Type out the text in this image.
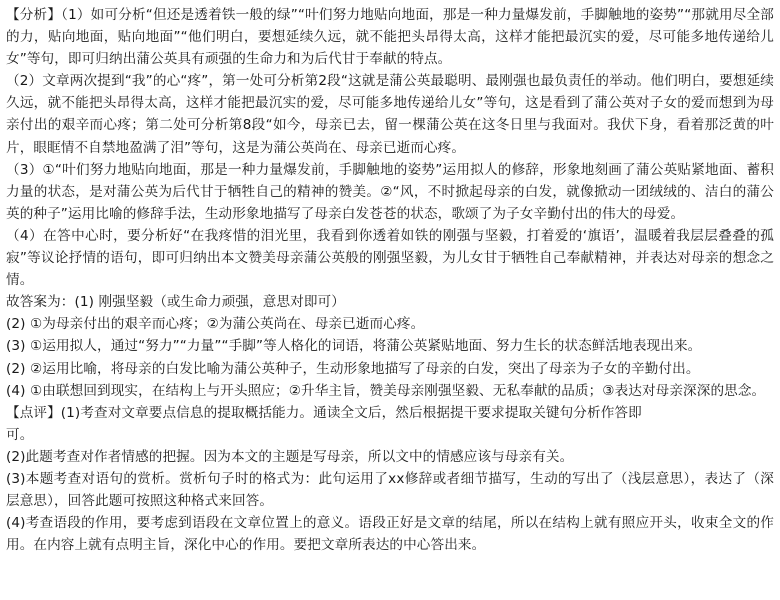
【分析】（1）如可分析“但还是透着铁一般的绿”“叶们努力地贴向地面，那是一种力量爆发前，手脚触地的姿势”“那就用尽全部的力，贴向地面，贴向地面”“他们明白，要想延续久远，就不能把头昂得太高，这样才能把最沉实的爱，尽可能多地传递给儿女”等句，即可归纳出蒲公英具有顽强的生命力和为后代甘于奉献的特点。

（2）文章两次提到“我”的心“疼”，第一处可分析第2段“这就是蒲公英最聪明、最刚强也最负责任的举动。他们明白，要想延续久远，就不能把头昂得太高，这样才能把最沉实的爱，尽可能多地传递给儿女”等句，这是看到了蒲公英对子女的爱而想到为母亲付出的艰辛而心疼；第二处可分析第8段“如今，母亲已去，留一棵蒲公英在这冬日里与我面对。我伏下身，看着那泛黄的叶片，眼眶情不自禁地盈满了泪”等句，这是为蒲公英尚在、母亲已逝而心疼。

（3）①“叶们努力地贴向地面，那是一种力量爆发前，手脚触地的姿势”运用拟人的修辞，形象地刻画了蒲公英贴紧地面、蓄积力量的状态，是对蒲公英为后代甘于牺牲自己的精神的赞美。②“风，不时掀起母亲的白发，就像掀动一团绒绒的、洁白的蒲公英的种子”运用比喻的修辞手法，生动形象地描写了母亲白发苍苍的状态，歌颂了为子女辛勤付出的伟大的母爱。

（4）在答中心时，要分析好“在我疼惜的泪光里，我看到你透着如铁的刚强与坚毅，打着爱的‘旗语’，温暖着我层层叠叠的孤寂”等议论抒情的语句，即可归纳出本文赞美母亲蒲公英般的刚强坚毅，为儿女甘于牺牲自己奉献精神，并表达对母亲的想念之情。

故答案为：(1) 刚强坚毅（或生命力顽强，意思对即可）

(2) ①为母亲付出的艰辛而心疼；②为蒲公英尚在、母亲已逝而心疼。

(3) ①运用拟人，通过“努力”“力量”“手脚”等人格化的词语，将蒲公英紧贴地面、努力生长的状态鲜活地表现出来。

(2) ②运用比喻，将母亲的白发比喻为蒲公英种子，生动形象地描写了母亲的白发，突出了母亲为子女的辛勤付出。

(4) ①由联想回到现实，在结构上与开头照应；②升华主旨，赞美母亲刚强坚毅、无私奉献的品质；③表达对母亲深深的思念。

【点评】(1)考查对文章要点信息的提取概括能力。通读全文后，然后根据提干要求提取关键句分析作答即

可。

(2)此题考查对作者情感的把握。因为本文的主题是写母亲，所以文中的情感应该与母亲有关。

(3)本题考查对语句的赏析。赏析句子时的格式为：此句运用了xx修辞或者细节描写，生动的写出了（浅层意思），表达了（深层意思），回答此题可按照这种格式来回答。

(4)考查语段的作用，要考虑到语段在文章位置上的意义。语段正好是文章的结尾，所以在结构上就有照应开头，收束全文的作用。在内容上就有点明主旨，深化中心的作用。要把文章所表达的中心答出来。
